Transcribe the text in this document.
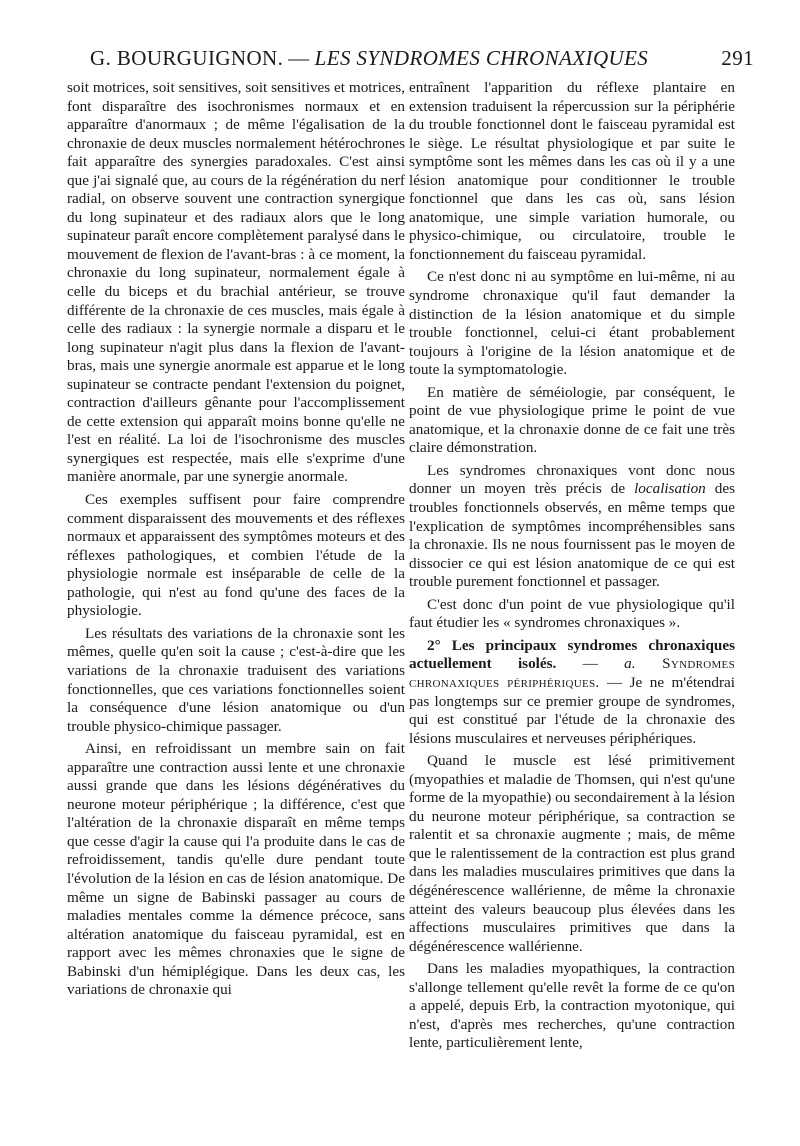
G. BOURGUIGNON. — LES SYNDROMES CHRONAXIQUES	291

soit motrices, soit sensitives, soit sensitives et motrices, font disparaître des isochronismes normaux et en apparaître d'anormaux ; de même l'égalisation de la chronaxie de deux muscles normalement hétérochrones fait apparaître des synergies paradoxales. C'est ainsi que j'ai signalé que, au cours de la régénération du nerf radial, on observe souvent une contraction synergique du long supinateur et des radiaux alors que le long supinateur paraît encore complètement paralysé dans le mouvement de flexion de l'avant-bras : à ce moment, la chronaxie du long supinateur, normalement égale à celle du biceps et du brachial antérieur, se trouve différente de la chronaxie de ces muscles, mais égale à celle des radiaux : la synergie normale a disparu et le long supinateur n'agit plus dans la flexion de l'avant-bras, mais une synergie anormale est apparue et le long supinateur se contracte pendant l'extension du poignet, contraction d'ailleurs gênante pour l'accomplissement de cette extension qui apparaît moins bonne qu'elle ne l'est en réalité. La loi de l'isochronisme des muscles synergiques est respectée, mais elle s'exprime d'une manière anormale, par une synergie anormale.

Ces exemples suffisent pour faire comprendre comment disparaissent des mouvements et des réflexes normaux et apparaissent des symptômes moteurs et des réflexes pathologiques, et combien l'étude de la physiologie normale est inséparable de celle de la pathologie, qui n'est au fond qu'une des faces de la physiologie.

Les résultats des variations de la chronaxie sont les mêmes, quelle qu'en soit la cause ; c'est-à-dire que les variations de la chronaxie traduisent des variations fonctionnelles, que ces variations fonctionnelles soient la conséquence d'une lésion anatomique ou d'un trouble physico-chimique passager.

Ainsi, en refroidissant un membre sain on fait apparaître une contraction aussi lente et une chronaxie aussi grande que dans les lésions dégénératives du neurone moteur périphérique ; la différence, c'est que l'altération de la chronaxie disparaît en même temps que cesse d'agir la cause qui l'a produite dans le cas de refroidissement, tandis qu'elle dure pendant toute l'évolution de la lésion en cas de lésion anatomique. De même un signe de Babinski passager au cours de maladies mentales comme la démence précoce, sans altération anatomique du faisceau pyramidal, est en rapport avec les mêmes chronaxies que le signe de Babinski d'un hémiplégique. Dans les deux cas, les variations de chronaxie qui

entraînent l'apparition du réflexe plantaire en extension traduisent la répercussion sur la périphérie du trouble fonctionnel dont le faisceau pyramidal est le siège. Le résultat physiologique et par suite le symptôme sont les mêmes dans les cas où il y a une lésion anatomique pour conditionner le trouble fonctionnel que dans les cas où, sans lésion anatomique, une simple variation humorale, ou physico-chimique, ou circulatoire, trouble le fonctionnement du faisceau pyramidal.

Ce n'est donc ni au symptôme en lui-même, ni au syndrome chronaxique qu'il faut demander la distinction de la lésion anatomique et du simple trouble fonctionnel, celui-ci étant probablement toujours à l'origine de la lésion anatomique et de toute la symptomatologie.

En matière de séméiologie, par conséquent, le point de vue physiologique prime le point de vue anatomique, et la chronaxie donne de ce fait une très claire démonstration.

Les syndromes chronaxiques vont donc nous donner un moyen très précis de localisation des troubles fonctionnels observés, en même temps que l'explication de symptômes incompréhensibles sans la chronaxie. Ils ne nous fournissent pas le moyen de dissocier ce qui est lésion anatomique de ce qui est trouble purement fonctionnel et passager.

C'est donc d'un point de vue physiologique qu'il faut étudier les « syndromes chronaxiques ».

2° Les principaux syndromes chronaxiques actuellement isolés. — a. Syndromes chronaxiques périphériques. — Je ne m'étendrai pas longtemps sur ce premier groupe de syndromes, qui est constitué par l'étude de la chronaxie des lésions musculaires et nerveuses périphériques.

Quand le muscle est lésé primitivement (myopathies et maladie de Thomsen, qui n'est qu'une forme de la myopathie) ou secondairement à la lésion du neurone moteur périphérique, sa contraction se ralentit et sa chronaxie augmente ; mais, de même que le ralentissement de la contraction est plus grand dans les maladies musculaires primitives que dans la dégénérescence wallérienne, de même la chronaxie atteint des valeurs beaucoup plus élevées dans les affections musculaires primitives que dans la dégénérescence wallérienne.

Dans les maladies myopathiques, la contraction s'allonge tellement qu'elle revêt la forme de ce qu'on a appelé, depuis Erb, la contraction myotonique, qui n'est, d'après mes recherches, qu'une contraction lente, particulièrement lente,
